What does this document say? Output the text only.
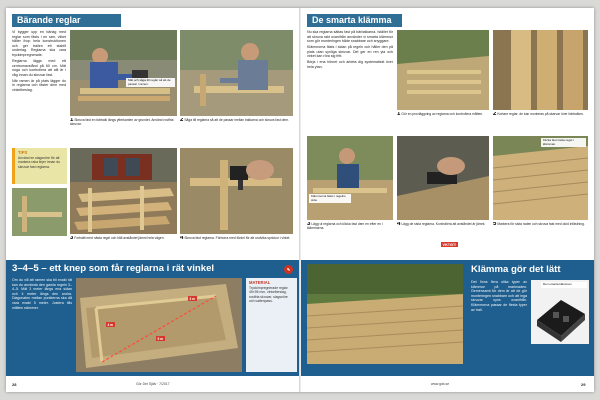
Bärande reglar

Vi bygger upp en bärlag med reglar som fästs i en ram, vilket håller ihop hela konstruktionen och ger trallen ett stabilt underlag. Reglarna ska vara tryckimpregnerade.

Reglarna läggs med ett centrumavstånd på 60 cm. Mät noga och kontrollera att allt är i våg innan du skruvar fast.

När ramen är på plats lägger du in reglarna och fäster dem med vinkelbeslag.

Mät och såga till reglar så att de passar i ramen.
1Skruva fast en bärbalk längs ytterkanten av grundet. Använd rostfria skruvar.
2Såga till reglarna så att de passar mellan balkarna och skruva fast dem.
TIPS
Använd en slagsnöre för att markera raka linjer innan du skruvar fast reglarna.
3Fortsätt med nästa regel och håll avståndet jämnt hela vägen.	4Skruva fast reglarna. Förborra med fördel för att undvika sprickor i virket.
3–4–5 – ett knep som får reglarna i rät vinkel
Om du vill att ramen ska bli exakt rät kan du använda den gamla regeln 3–4–5. Mät 3 meter längs ena sidan och 4 meter längs den andra. Diagonalen mellan punkterna ska då vara exakt 5 meter. Justera tills måtten stämmer.
3 m
4 m
5 m
MATERIAL
Tryckimpregnerade reglar 45×95 mm, vinkelbeslag, rostfria skruvar, slagsnöre och vattenpass.
✎
28	Gör Det Själv · 7/2017
De smarta klämma

Nu ska reglarna sättas fast på bärbalkarna. Istället för att skruva rakt ovanifrån använder vi smarta klämmor som gör monteringen både snabbare och snyggare.

Klämmorna fästs i sidan på regeln och håller den på plats utan synliga skruvar. Det ger en ren yta och virket kan röra sig fritt.

Börja i ena hörnet och arbeta dig systematiskt över hela ytan.

1Gör en provläggning av reglarna och kontrollera måtten.	2Kortare reglar: de kan monteras på skarvar över bärbalken.
Klämmorna fästs i regelns sida.
Klicka fast nästa regel i klämman.
3Lägg ut reglarna och klicka fast dem en efter en i klämmorna.
4Lägg de sista reglarna. Kontrollera att avståndet är jämnt.
VIKTIGT!
5Markera för sista raden och skruva fast med dold infästning.
Klämma gör det lätt
Det finns flera olika typer av klämmor på marknaden. Gemensamt för dem är att de gör monteringen snabbare och att inga skruvar syns ovanifrån. Klämmorna passar de flesta typer av trall.
Den smarta klämman
www.gds.se	29
